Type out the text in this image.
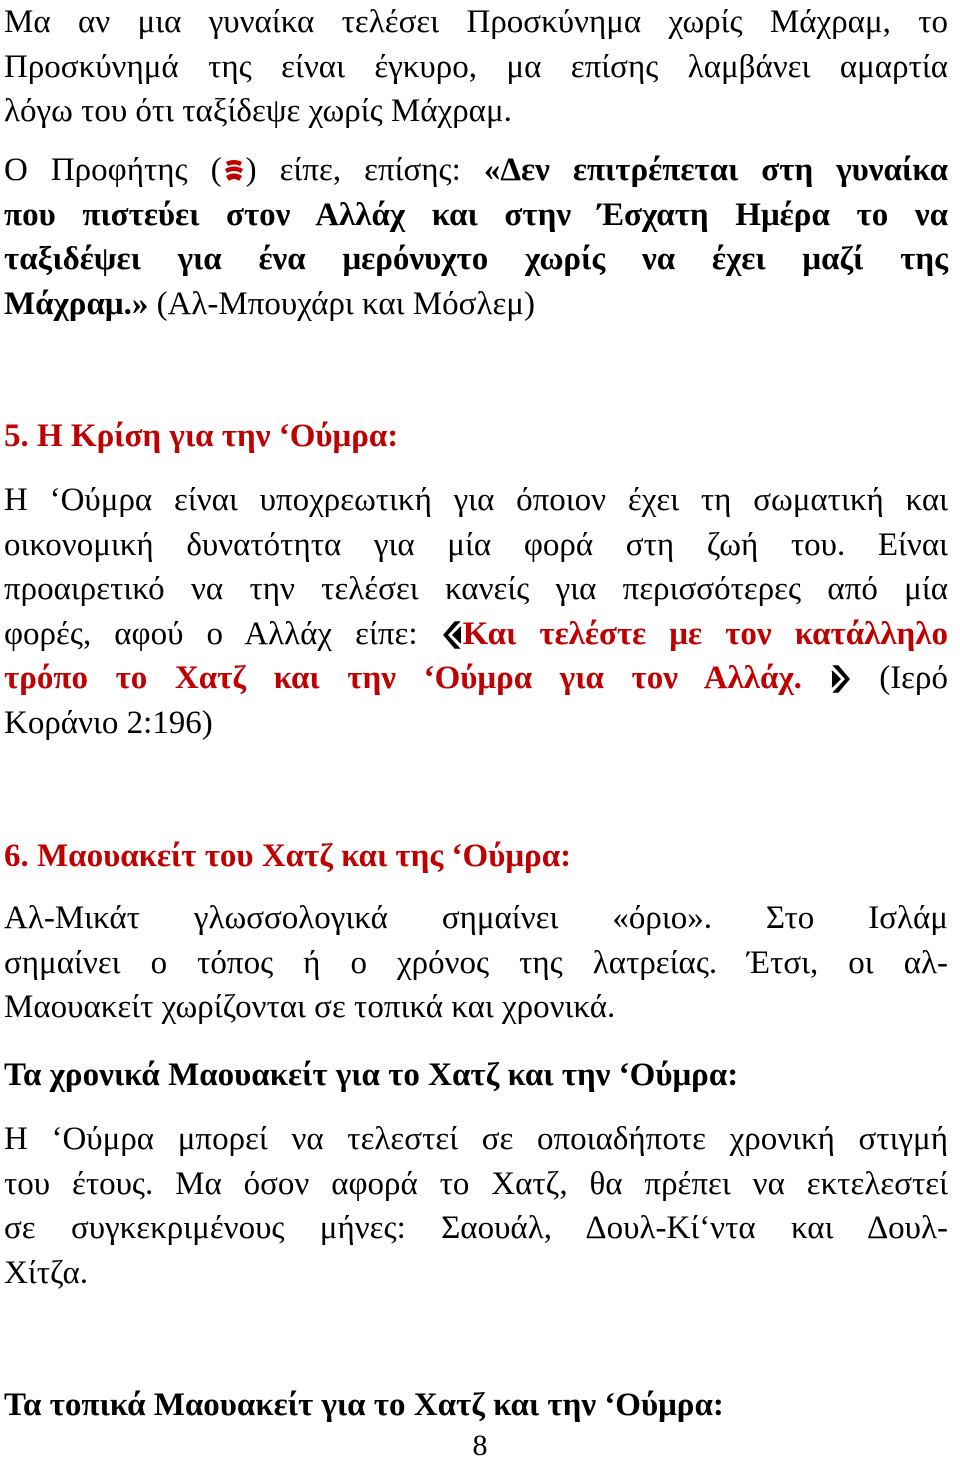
Μα αν μια γυναίκα τελέσει Προσκύνημα χωρίς Μάχραμ, το

Προσκύνημά της είναι έγκυρο, μα επίσης λαμβάνει αμαρτία

λόγω του ότι ταξίδεψε χωρίς Μάχραμ.

Ο Προφήτης ( ) είπε, επίσης: «Δεν επιτρέπεται στη γυναίκα

που πιστεύει στον Αλλάχ και στην Έσχατη Ημέρα το να

ταξιδέψει για ένα μερόνυχτο χωρίς να έχει μαζί της

Μάχραμ.» (Αλ-Μπουχάρι και Μόσλεμ)

5. Η Κρίση για την ‘Ούμρα:

Η ‘Ούμρα είναι υποχρεωτική για όποιον έχει τη σωματική και

οικονομική δυνατότητα για μία φορά στη ζωή του. Είναι

προαιρετικό να την τελέσει κανείς για περισσότερες από μία

φορές, αφού ο Αλλάχ είπε: Και τελέστε με τον κατάλληλο

τρόπο το Χατζ και την ‘Ούμρα για τον Αλλάχ.  (Ιερό

Κοράνιο 2:196)

6. Μαουακείτ του Χατζ και της ‘Ούμρα:

Αλ-Μικάτ γλωσσολογικά σημαίνει «όριο». Στο Ισλάμ

σημαίνει ο τόπος ή ο χρόνος της λατρείας. Έτσι, οι αλ-

Μαουακείτ χωρίζονται σε τοπικά και χρονικά.

Τα χρονικά Μαουακείτ για το Χατζ και την ‘Ούμρα:

Η ‘Ούμρα μπορεί να τελεστεί σε οποιαδήποτε χρονική στιγμή

του έτους. Μα όσον αφορά το Χατζ, θα πρέπει να εκτελεστεί

σε συγκεκριμένους μήνες: Σαουάλ, Δουλ-Κί‘ντα και Δουλ-

Χίτζα.

Τα τοπικά Μαουακείτ για το Χατζ και την ‘Ούμρα:

8
